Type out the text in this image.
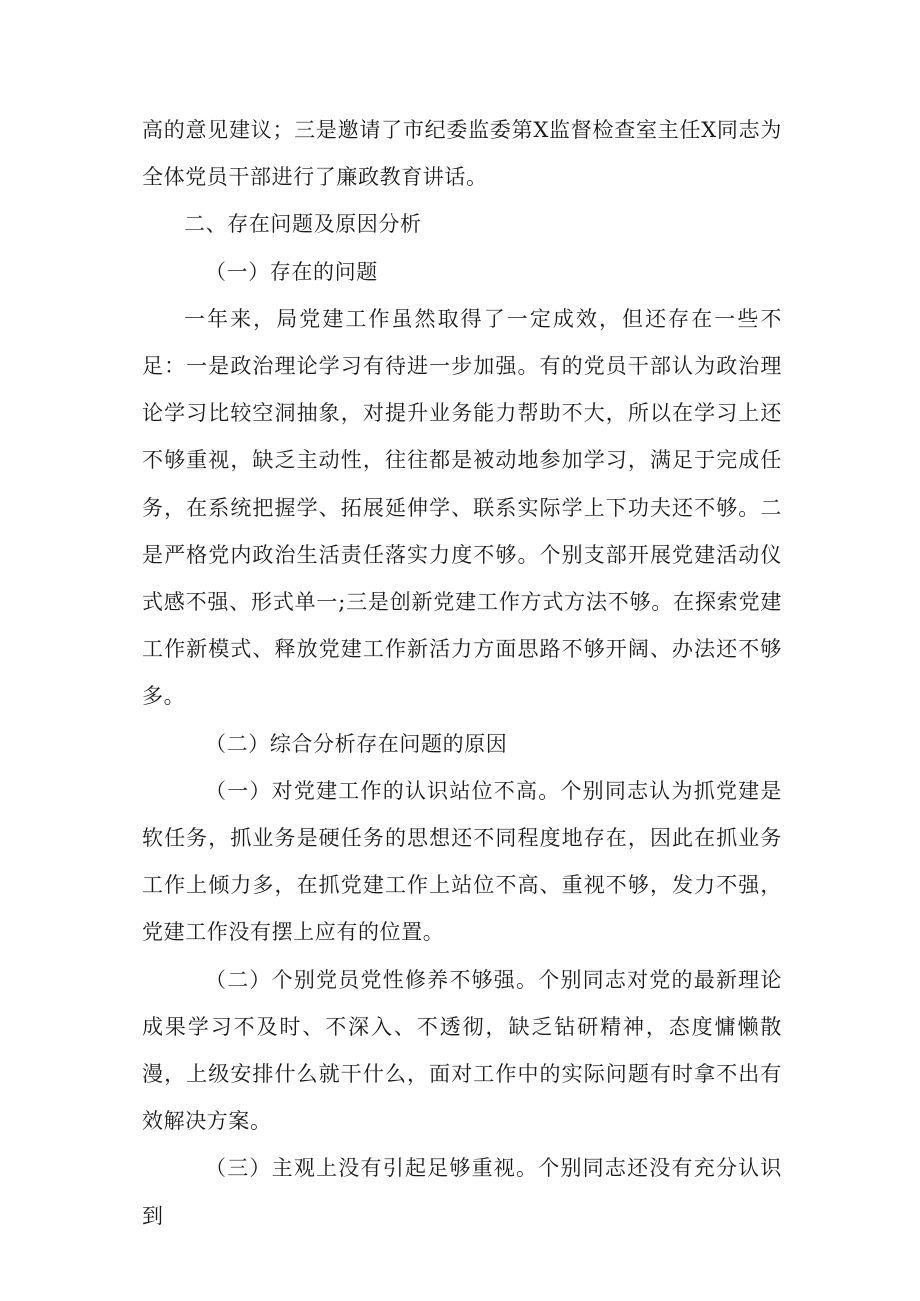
高的意见建议；三是邀请了市纪委监委第X监督检查室主任X同志为全体党员干部进行了廉政教育讲话。

二、存在问题及原因分析

（一）存在的问题

一年来，局党建工作虽然取得了一定成效，但还存在一些不足：一是政治理论学习有待进一步加强。有的党员干部认为政治理论学习比较空洞抽象，对提升业务能力帮助不大，所以在学习上还不够重视，缺乏主动性，往往都是被动地参加学习，满足于完成任务，在系统把握学、拓展延伸学、联系实际学上下功夫还不够。二是严格党内政治生活责任落实力度不够。个别支部开展党建活动仪式感不强、形式单一;三是创新党建工作方式方法不够。在探索党建工作新模式、释放党建工作新活力方面思路不够开阔、办法还不够多。

（二）综合分析存在问题的原因

（一）对党建工作的认识站位不高。个别同志认为抓党建是软任务，抓业务是硬任务的思想还不同程度地存在，因此在抓业务工作上倾力多，在抓党建工作上站位不高、重视不够，发力不强，党建工作没有摆上应有的位置。

（二）个别党员党性修养不够强。个别同志对党的最新理论成果学习不及时、不深入、不透彻，缺乏钻研精神，态度慵懒散漫，上级安排什么就干什么，面对工作中的实际问题有时拿不出有效解决方案。

（三）主观上没有引起足够重视。个别同志还没有充分认识到
